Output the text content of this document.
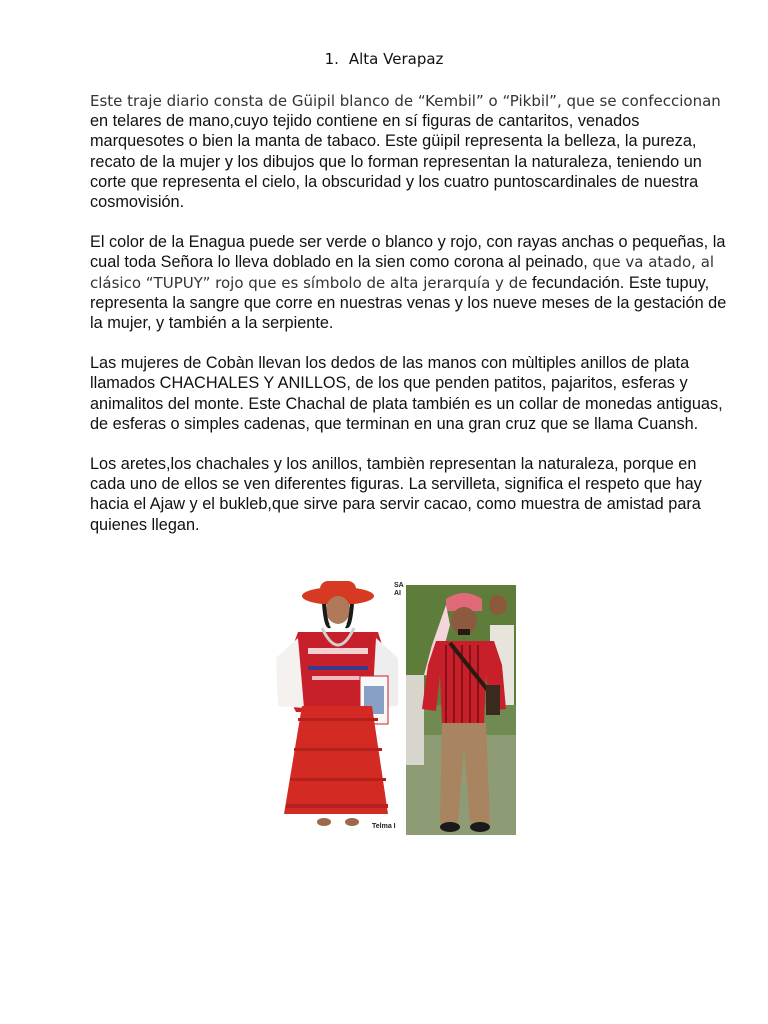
1. Alta Verapaz

Este traje diario consta de Güipil blanco de “Kembil” o “Pikbil”, que se confeccionan en telares de mano,cuyo tejido contiene en sí figuras de cantaritos, venados marquesotes o bien la manta de tabaco. Este güipil representa la belleza, la pureza, recato de la mujer y los dibujos que lo forman representan la naturaleza, teniendo un corte que representa el cielo, la obscuridad y los cuatro puntoscardinales de nuestra cosmovisión.

El color de la Enagua puede ser verde o blanco y rojo, con rayas anchas o pequeñas, la cual toda Señora lo lleva doblado en la sien como corona al peinado, que va atado, al clásico “TUPUY” rojo que es símbolo de alta jerarquía y de fecundación. Este tupuy, representa la sangre que corre en nuestras venas y los nueve meses de la gestación de la mujer, y también a la serpiente.

Las mujeres de Cobàn llevan los dedos de las manos con mùltiples anillos de plata llamados CHACHALES Y ANILLOS, de los que penden patitos, pajaritos, esferas y animalitos del monte. Este Chachal de plata también es un collar de monedas antiguas, de esferas o simples cadenas, que terminan en una gran cruz que se llama Cuansh.

Los aretes,los chachales y los anillos, tambièn representan la naturaleza, porque en cada uno de ellos se ven diferentes figuras. La servilleta, significa el respeto que hay hacia el Ajaw y el bukleb,que sirve para servir cacao, como muestra de amistad para quienes llegan.

SA AI
Telma I
